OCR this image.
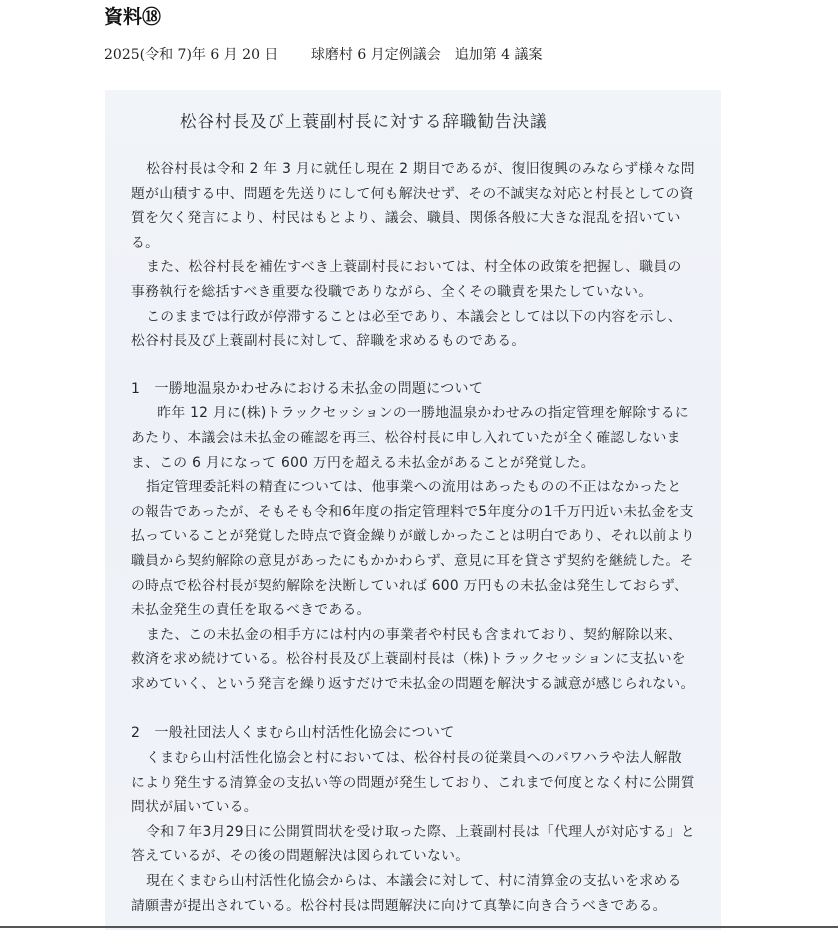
資料⑱
2025(令和 7)年 6 月 20 日 球磨村 6 月定例議会　追加第 4 議案
松谷村長及び上蓑副村長に対する辞職勧告決議

松谷村長は令和 2 年 3 月に就任し現在 2 期目であるが、復旧復興のみならず様々な問題が山積する中、問題を先送りにして何も解決せず、その不誠実な対応と村長としての資質を欠く発言により、村民はもとより、議会、職員、関係各般に大きな混乱を招いている。

また、松谷村長を補佐すべき上蓑副村長においては、村全体の政策を把握し、職員の事務執行を総括すべき重要な役職でありながら、全くその職責を果たしていない。

このままでは行政が停滞することは必至であり、本議会としては以下の内容を示し、松谷村長及び上蓑副村長に対して、辞職を求めるものである。

1　一勝地温泉かわせみにおける未払金の問題について

昨年 12 月に(株)トラックセッションの一勝地温泉かわせみの指定管理を解除するにあたり、本議会は未払金の確認を再三、松谷村長に申し入れていたが全く確認しないまま、この 6 月になって 600 万円を超える未払金があることが発覚した。

指定管理委託料の精査については、他事業への流用はあったものの不正はなかったとの報告であったが、そもそも令和6年度の指定管理料で5年度分の1千万円近い未払金を支払っていることが発覚した時点で資金繰りが厳しかったことは明白であり、それ以前より職員から契約解除の意見があったにもかかわらず、意見に耳を貸さず契約を継続した。その時点で松谷村長が契約解除を決断していれば 600 万円もの未払金は発生しておらず、未払金発生の責任を取るべきである。

また、この未払金の相手方には村内の事業者や村民も含まれており、契約解除以来、救済を求め続けている。松谷村長及び上蓑副村長は（株)トラックセッションに支払いを求めていく、という発言を繰り返すだけで未払金の問題を解決する誠意が感じられない。

2　一般社団法人くまむら山村活性化協会について

くまむら山村活性化協会と村においては、松谷村長の従業員へのパワハラや法人解散により発生する清算金の支払い等の問題が発生しており、これまで何度となく村に公開質問状が届いている。

令和７年3月29日に公開質問状を受け取った際、上蓑副村長は「代理人が対応する」と答えているが、その後の問題解決は図られていない。

現在くまむら山村活性化協会からは、本議会に対して、村に清算金の支払いを求める請願書が提出されている。松谷村長は問題解決に向けて真摯に向き合うべきである。
